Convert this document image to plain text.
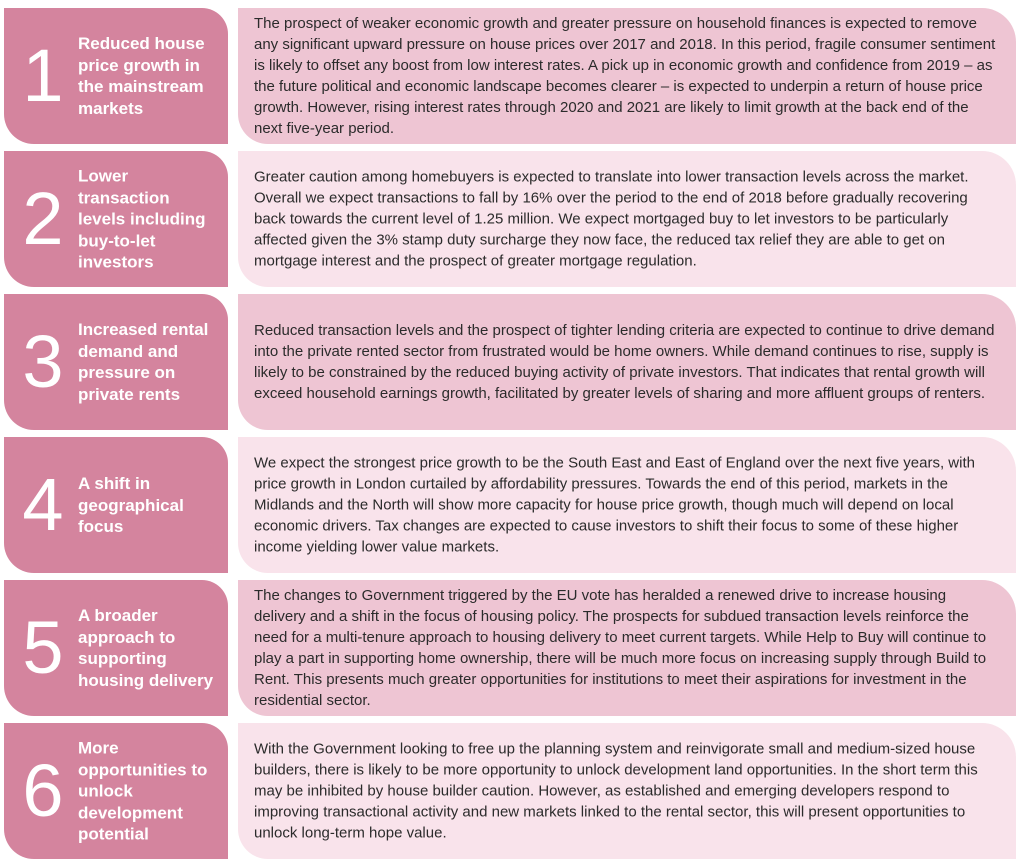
1 Reduced house price growth in the mainstream markets
The prospect of weaker economic growth and greater pressure on household finances is expected to remove any significant upward pressure on house prices over 2017 and 2018. In this period, fragile consumer sentiment is likely to offset any boost from low interest rates. A pick up in economic growth and confidence from 2019 – as the future political and economic landscape becomes clearer – is expected to underpin a return of house price growth. However, rising interest rates through 2020 and 2021 are likely to limit growth at the back end of the next five-year period.
2
Lower transaction levels including buy-to-let investors
Greater caution among homebuyers is expected to translate into lower transaction levels across the market. Overall we expect transactions to fall by 16% over the period to the end of 2018 before gradually recovering back towards the current level of 1.25 million. We expect mortgaged buy to let investors to be particularly affected given the 3% stamp duty surcharge they now face, the reduced tax relief they are able to get on mortgage interest and the prospect of greater mortgage regulation.
3 Increased rental demand and pressure on private rents
Reduced transaction levels and the prospect of tighter lending criteria are expected to continue to drive demand into the private rented sector from frustrated would be home owners. While demand continues to rise, supply is likely to be constrained by the reduced buying activity of private investors. That indicates that rental growth will exceed household earnings growth, facilitated by greater levels of sharing and more affluent groups of renters.
4 A shift in geographical focus
We expect the strongest price growth to be the South East and East of England over the next five years, with price growth in London curtailed by affordability pressures. Towards the end of this period, markets in the Midlands and the North will show more capacity for house price growth, though much will depend on local economic drivers. Tax changes are expected to cause investors to shift their focus to some of these higher income yielding lower value markets.
5 A broader approach to supporting housing delivery
The changes to Government triggered by the EU vote has heralded a renewed drive to increase housing delivery and a shift in the focus of housing policy. The prospects for subdued transaction levels reinforce the need for a multi-tenure approach to housing delivery to meet current targets. While Help to Buy will continue to play a part in supporting home ownership, there will be much more focus on increasing supply through Build to Rent. This presents much greater opportunities for institutions to meet their aspirations for investment in the residential sector.
6
More opportunities to unlock development potential
With the Government looking to free up the planning system and reinvigorate small and medium-sized house builders, there is likely to be more opportunity to unlock development land opportunities. In the short term this may be inhibited by house builder caution. However, as established and emerging developers respond to improving transactional activity and new markets linked to the rental sector, this will present opportunities to unlock long-term hope value.
